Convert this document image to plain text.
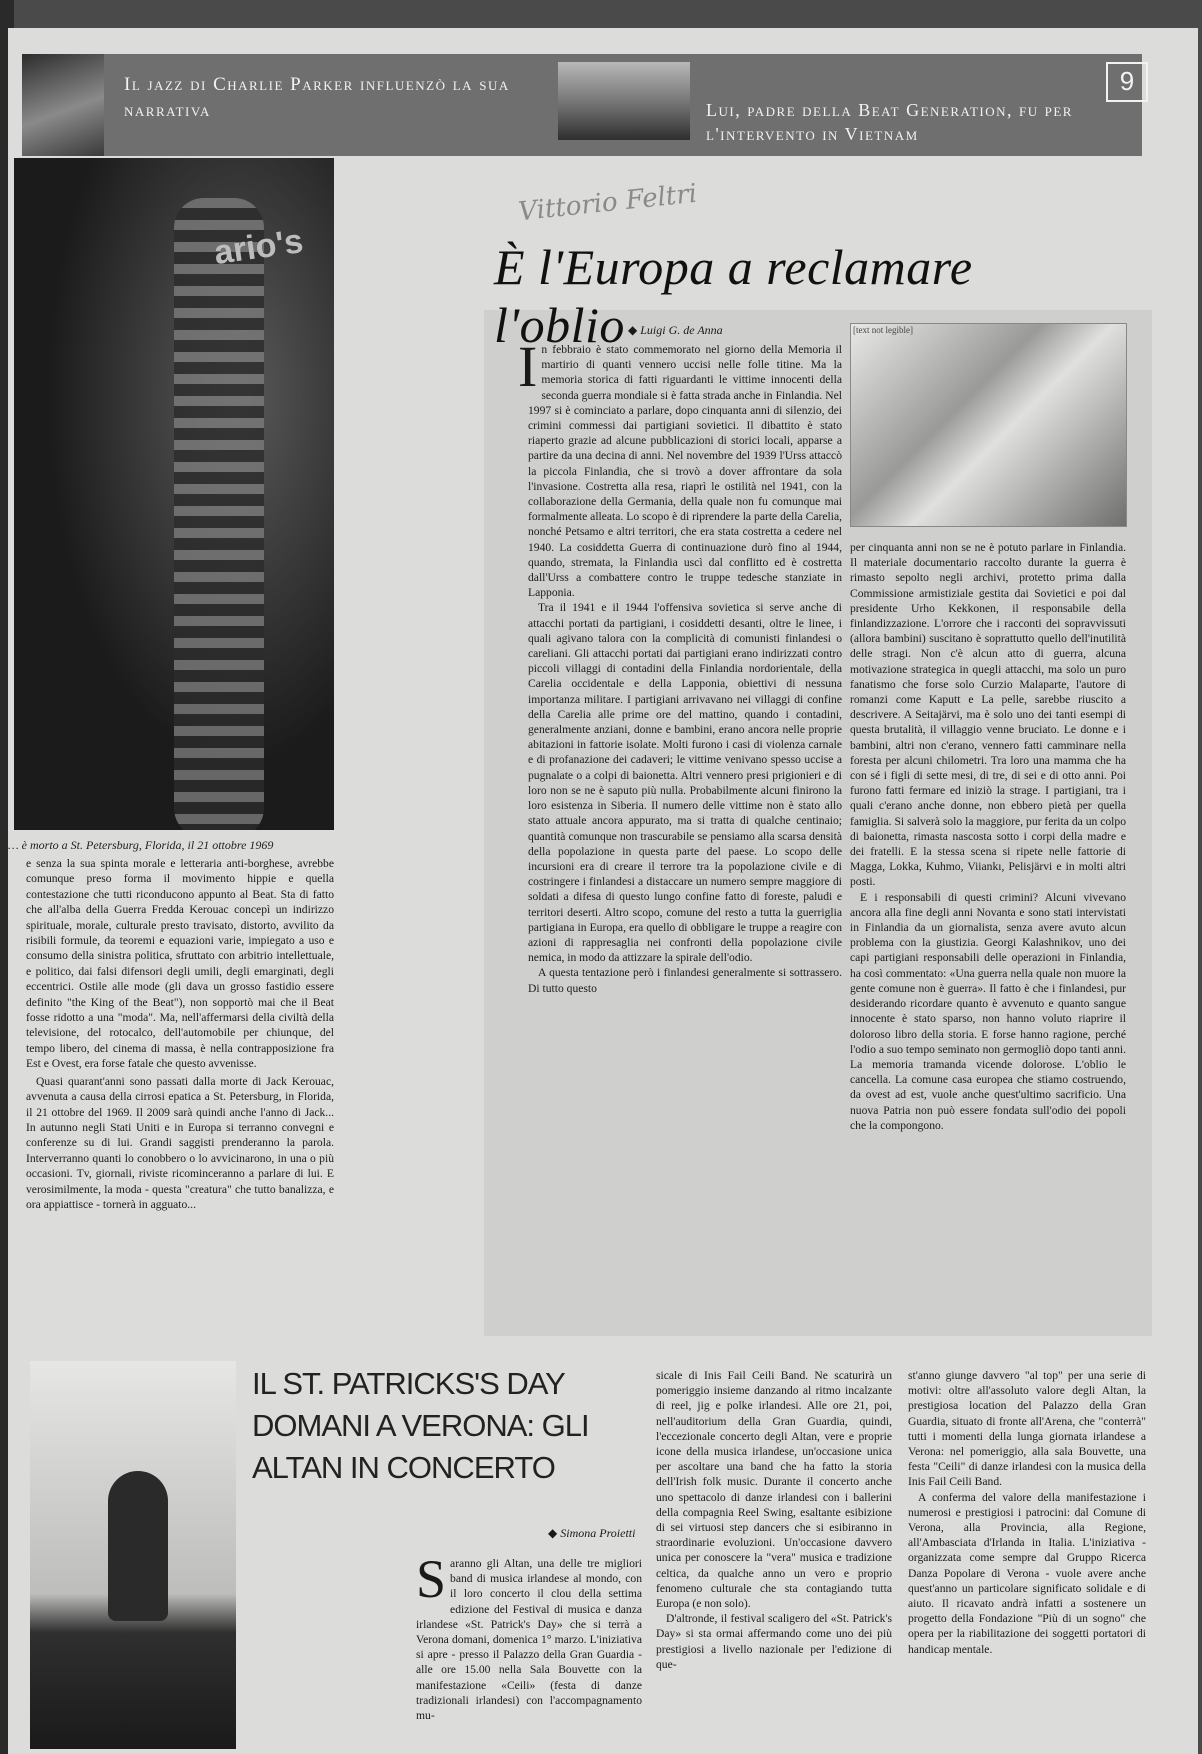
Il jazz di Charlie Parker influenzò la sua narrativa	Lui, padre della Beat Generation, fu per l'intervento in Vietnam
9
ario's
… è morto a St. Petersburg, Florida, il 21 ottobre 1969

e senza la sua spinta morale e letteraria anti-borghese, avrebbe comunque preso forma il movimento hippie e quella contestazione che tutti riconducono appunto al Beat. Sta di fatto che all'alba della Guerra Fredda Kerouac concepì un indirizzo spirituale, morale, culturale presto travisato, distorto, avvilito da risibili formule, da teoremi e equazioni varie, impiegato a uso e consumo della sinistra politica, sfruttato con arbitrio intellettuale, e politico, dai falsi difensori degli umili, degli emarginati, degli eccentrici. Ostile alle mode (gli dava un grosso fastidio essere definito "the King of the Beat"), non sopportò mai che il Beat fosse ridotto a una "moda". Ma, nell'affermarsi della civiltà della televisione, del rotocalco, dell'automobile per chiunque, del tempo libero, del cinema di massa, è nella contrapposizione fra Est e Ovest, era forse fatale che questo avvenisse.

Quasi quarant'anni sono passati dalla morte di Jack Kerouac, avvenuta a causa della cirrosi epatica a St. Petersburg, in Florida, il 21 ottobre del 1969. Il 2009 sarà quindi anche l'anno di Jack... In autunno negli Stati Uniti e in Europa si terranno convegni e conferenze su di lui. Grandi saggisti prenderanno la parola. Interverranno quanti lo conobbero o lo avvicinarono, in una o più occasioni. Tv, giornali, riviste ricominceranno a parlare di lui. E verosimilmente, la moda - questa "creatura" che tutto banalizza, e ora appiattisce - tornerà in agguato...

Vittorio Feltri
È l'Europa a reclamare l'oblio ◆ Luigi G. de Anna	[text not legible]

In febbraio è stato commemorato nel giorno della Memoria il martirio di quanti vennero uccisi nelle folle titine. Ma la memoria storica di fatti riguardanti le vittime innocenti della seconda guerra mondiale si è fatta strada anche in Finlandia. Nel 1997 si è cominciato a parlare, dopo cinquanta anni di silenzio, dei crimini commessi dai partigiani sovietici. Il dibattito è stato riaperto grazie ad alcune pubblicazioni di storici locali, apparse a partire da una decina di anni. Nel novembre del 1939 l'Urss attaccò la piccola Finlandia, che si trovò a dover affrontare da sola l'invasione. Costretta alla resa, riaprì le ostilità nel 1941, con la collaborazione della Germania, della quale non fu comunque mai formalmente alleata. Lo scopo è di riprendere la parte della Carelia, nonché Petsamo e altri territori, che era stata costretta a cedere nel 1940. La cosiddetta Guerra di continuazione durò fino al 1944, quando, stremata, la Finlandia uscì dal conflitto ed è costretta dall'Urss a combattere contro le truppe tedesche stanziate in Lapponia.

Tra il 1941 e il 1944 l'offensiva sovietica si serve anche di attacchi portati da partigiani, i cosiddetti desanti, oltre le linee, i quali agivano talora con la complicità di comunisti finlandesi o careliani. Gli attacchi portati dai partigiani erano indirizzati contro piccoli villaggi di contadini della Finlandia nordorientale, della Carelia occidentale e della Lapponia, obiettivi di nessuna importanza militare. I partigiani arrivavano nei villaggi di confine della Carelia alle prime ore del mattino, quando i contadini, generalmente anziani, donne e bambini, erano ancora nelle proprie abitazioni in fattorie isolate. Molti furono i casi di violenza carnale e di profanazione dei cadaveri; le vittime venivano spesso uccise a pugnalate o a colpi di baionetta. Altri vennero presi prigionieri e di loro non se ne è saputo più nulla. Probabilmente alcuni finirono la loro esistenza in Siberia. Il numero delle vittime non è stato allo stato attuale ancora appurato, ma si tratta di qualche centinaio; quantità comunque non trascurabile se pensiamo alla scarsa densità della popolazione in questa parte del paese. Lo scopo delle incursioni era di creare il terrore tra la popolazione civile e di costringere i finlandesi a distaccare un numero sempre maggiore di soldati a difesa di questo lungo confine fatto di foreste, paludi e territori deserti. Altro scopo, comune del resto a tutta la guerriglia partigiana in Europa, era quello di obbligare le truppe a reagire con azioni di rappresaglia nei confronti della popolazione civile nemica, in modo da attizzare la spirale dell'odio.

A questa tentazione però i finlandesi generalmente si sottrassero. Di tutto questo

per cinquanta anni non se ne è potuto parlare in Finlandia. Il materiale documentario raccolto durante la guerra è rimasto sepolto negli archivi, protetto prima dalla Commissione armistiziale gestita dai Sovietici e poi dal presidente Urho Kekkonen, il responsabile della finlandizzazione. L'orrore che i racconti dei sopravvissuti (allora bambini) suscitano è soprattutto quello dell'inutilità delle stragi. Non c'è alcun atto di guerra, alcuna motivazione strategica in quegli attacchi, ma solo un puro fanatismo che forse solo Curzio Malaparte, l'autore di romanzi come Kaputt e La pelle, sarebbe riuscito a descrivere. A Seitajärvi, ma è solo uno dei tanti esempi di questa brutalità, il villaggio venne bruciato. Le donne e i bambini, altri non c'erano, vennero fatti camminare nella foresta per alcuni chilometri. Tra loro una mamma che ha con sé i figli di sette mesi, di tre, di sei e di otto anni. Poi furono fatti fermare ed iniziò la strage. I partigiani, tra i quali c'erano anche donne, non ebbero pietà per quella famiglia. Si salverà solo la maggiore, pur ferita da un colpo di baionetta, rimasta nascosta sotto i corpi della madre e dei fratelli. E la stessa scena si ripete nelle fattorie di Magga, Lokka, Kuhmo, Viiankı, Pelisjärvi e in molti altri posti.

E i responsabili di questi crimini? Alcuni vivevano ancora alla fine degli anni Novanta e sono stati intervistati in Finlandia da un giornalista, senza avere avuto alcun problema con la giustizia. Georgi Kalashnikov, uno dei capi partigiani responsabili delle operazioni in Finlandia, ha così commentato: «Una guerra nella quale non muore la gente comune non è guerra». Il fatto è che i finlandesi, pur desiderando ricordare quanto è avvenuto e quanto sangue innocente è stato sparso, non hanno voluto riaprire il doloroso libro della storia. E forse hanno ragione, perché l'odio a suo tempo seminato non germogliò dopo tanti anni. La memoria tramanda vicende dolorose. L'oblio le cancella. La comune casa europea che stiamo costruendo, da ovest ad est, vuole anche quest'ultimo sacrificio. Una nuova Patria non può essere fondata sull'odio dei popoli che la compongono.

IL ST. PATRICKS'S DAY DOMANI A VERONA: GLI ALTAN IN CONCERTO
◆ Simona Proietti

Saranno gli Altan, una delle tre migliori band di musica irlandese al mondo, con il loro concerto il clou della settima edizione del Festival di musica e danza irlandese «St. Patrick's Day» che si terrà a Verona domani, domenica 1° marzo. L'iniziativa si apre - presso il Palazzo della Gran Guardia - alle ore 15.00 nella Sala Bouvette con la manifestazione «Ceili» (festa di danze tradizionali irlandesi) con l'accompagnamento mu-

sicale di Inis Fail Ceili Band. Ne scaturirà un pomeriggio insieme danzando al ritmo incalzante di reel, jig e polke irlandesi. Alle ore 21, poi, nell'auditorium della Gran Guardia, quindi, l'eccezionale concerto degli Altan, vere e proprie icone della musica irlandese, un'occasione unica per ascoltare una band che ha fatto la storia dell'Irish folk music. Durante il concerto anche uno spettacolo di danze irlandesi con i ballerini della compagnia Reel Swing, esaltante esibizione di sei virtuosi step dancers che si esibiranno in straordinarie evoluzioni. Un'occasione davvero unica per conoscere la "vera" musica e tradizione celtica, da qualche anno un vero e proprio fenomeno culturale che sta contagiando tutta Europa (e non solo).

D'altronde, il festival scaligero del «St. Patrick's Day» si sta ormai affermando come uno dei più prestigiosi a livello nazionale per l'edizione di que-

st'anno giunge davvero "al top" per una serie di motivi: oltre all'assoluto valore degli Altan, la prestigiosa location del Palazzo della Gran Guardia, situato di fronte all'Arena, che "conterrà" tutti i momenti della lunga giornata irlandese a Verona: nel pomeriggio, alla sala Bouvette, una festa "Ceili" di danze irlandesi con la musica della Inis Fail Ceili Band.

A conferma del valore della manifestazione i numerosi e prestigiosi i patrocini: dal Comune di Verona, alla Provincia, alla Regione, all'Ambasciata d'Irlanda in Italia. L'iniziativa - organizzata come sempre dal Gruppo Ricerca Danza Popolare di Verona - vuole avere anche quest'anno un particolare significato solidale e di aiuto. Il ricavato andrà infatti a sostenere un progetto della Fondazione "Più di un sogno" che opera per la riabilitazione dei soggetti portatori di handicap mentale.
